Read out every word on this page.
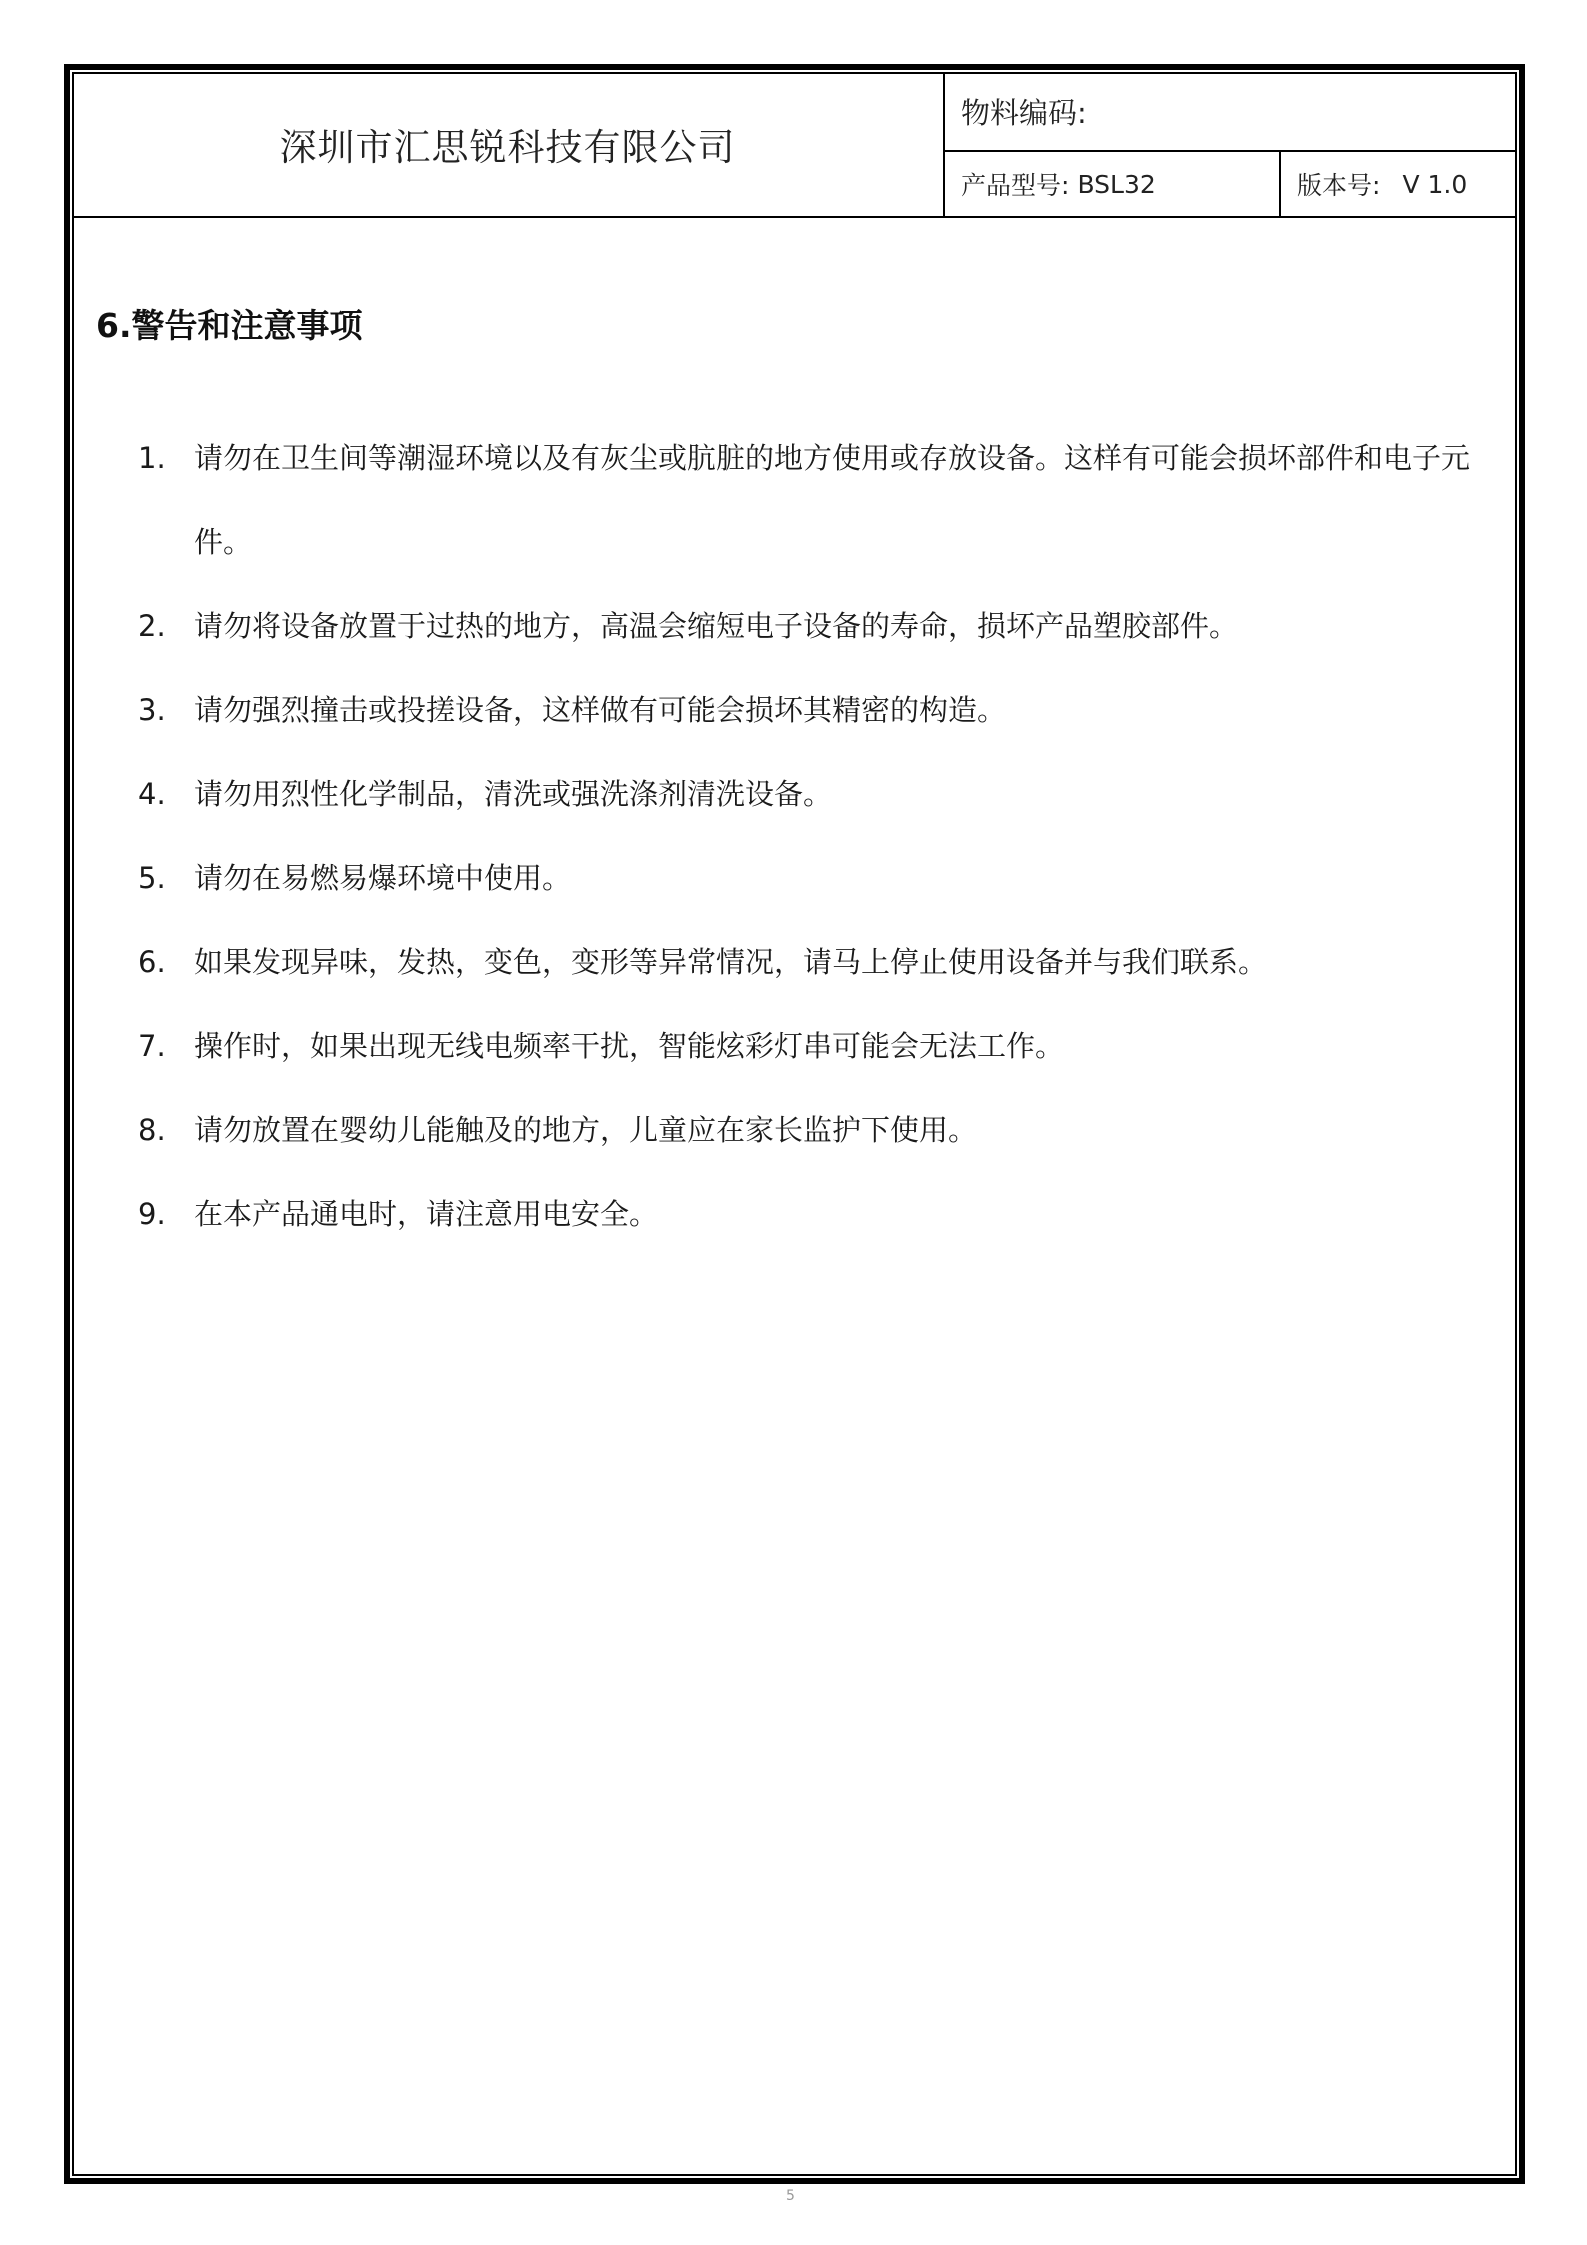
深圳市汇思锐科技有限公司
物料编码:
产品型号: BSL32	版本号: V 1.0
6.警告和注意事项
1. 请勿在卫生间等潮湿环境以及有灰尘或肮脏的地方使用或存放设备。这样有可能会损坏部件和电子元件。
2. 请勿将设备放置于过热的地方，高温会缩短电子设备的寿命，损坏产品塑胶部件。
3. 请勿强烈撞击或投搓设备，这样做有可能会损坏其精密的构造。
4. 请勿用烈性化学制品，清洗或强洗涤剂清洗设备。
5. 请勿在易燃易爆环境中使用。
6. 如果发现异味，发热，变色，变形等异常情况，请马上停止使用设备并与我们联系。
7. 操作时，如果出现无线电频率干扰，智能炫彩灯串可能会无法工作。
8. 请勿放置在婴幼儿能触及的地方，儿童应在家长监护下使用。
9. 在本产品通电时，请注意用电安全。
5
